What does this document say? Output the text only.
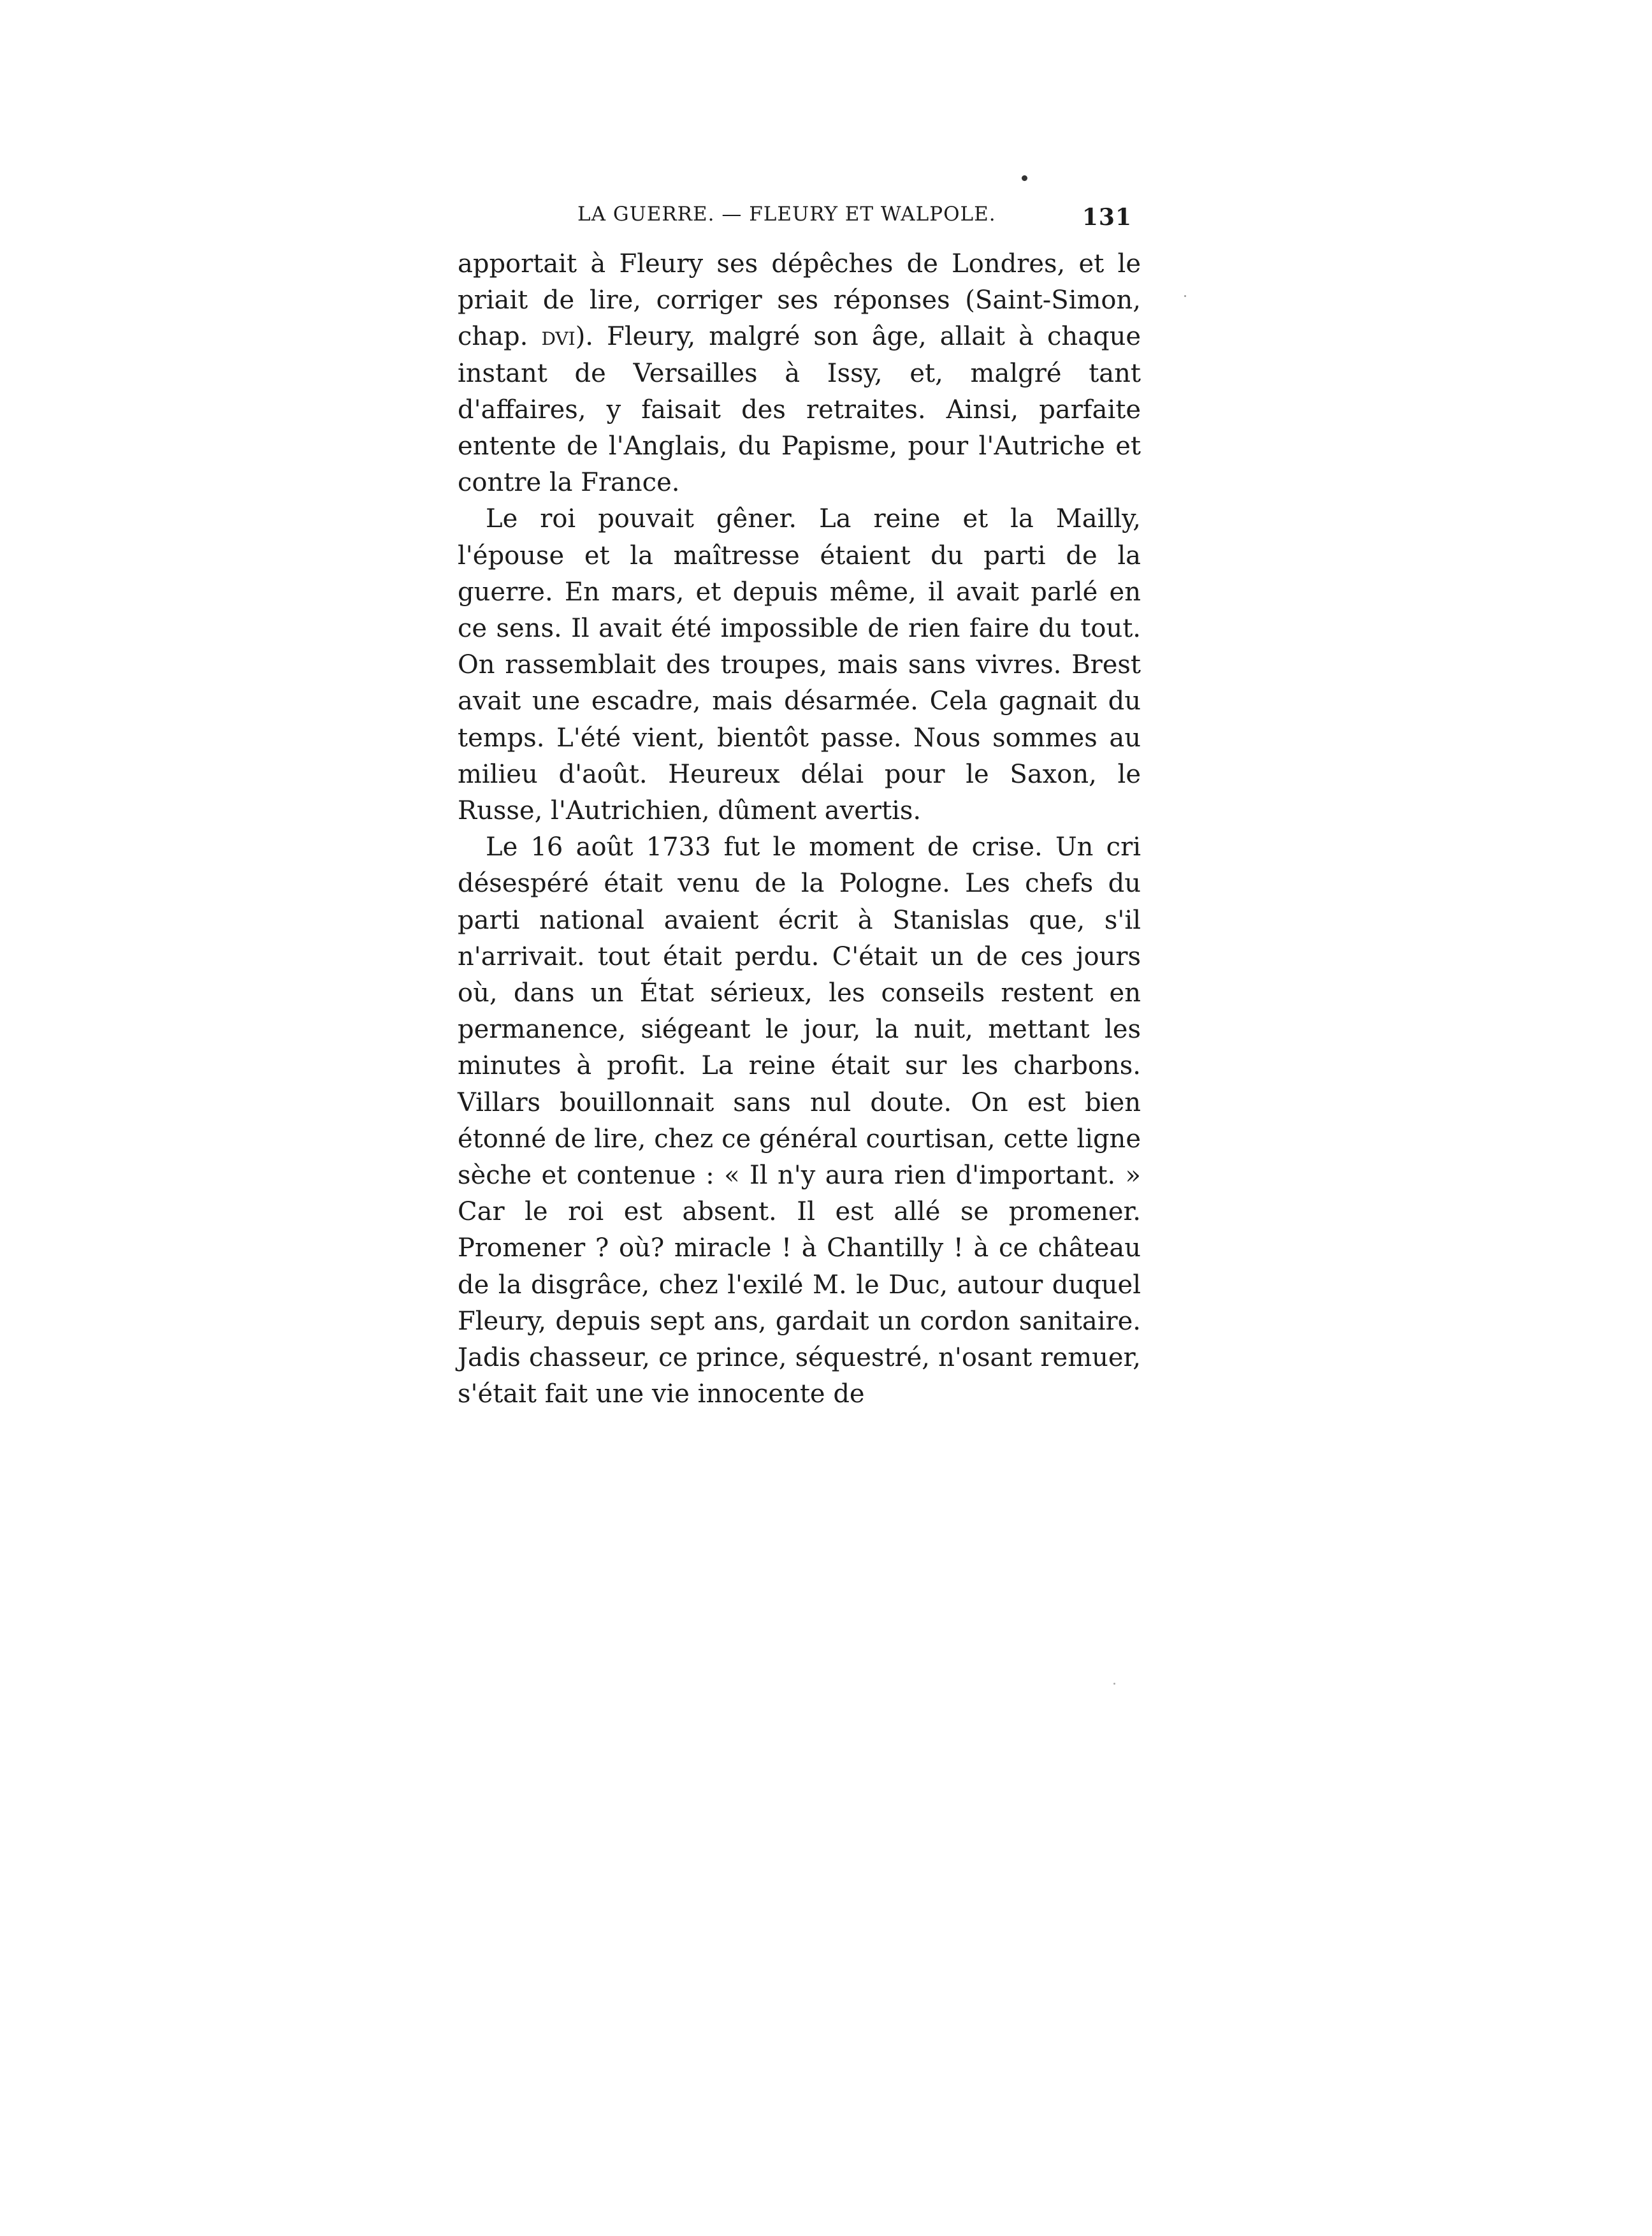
LA GUERRE. — FLEURY ET WALPOLE.	131

apportait à Fleury ses dépêches de Londres, et le priait de lire, corriger ses réponses (Saint-Simon, chap. dvi). Fleury, malgré son âge, allait à chaque instant de Versailles à Issy, et, malgré tant d'affaires, y faisait des retraites. Ainsi, parfaite entente de l'Anglais, du Papisme, pour l'Autriche et contre la France.

Le roi pouvait gêner. La reine et la Mailly, l'épouse et la maîtresse étaient du parti de la guerre. En mars, et depuis même, il avait parlé en ce sens. Il avait été impossible de rien faire du tout. On rassemblait des troupes, mais sans vivres. Brest avait une escadre, mais désarmée. Cela gagnait du temps. L'été vient, bientôt passe. Nous sommes au milieu d'août. Heureux délai pour le Saxon, le Russe, l'Autrichien, dûment avertis.

Le 16 août 1733 fut le moment de crise. Un cri désespéré était venu de la Pologne. Les chefs du parti national avaient écrit à Stanislas que, s'il n'arrivait. tout était perdu. C'était un de ces jours où, dans un État sérieux, les conseils restent en permanence, siégeant le jour, la nuit, mettant les minutes à profit. La reine était sur les charbons. Villars bouillonnait sans nul doute. On est bien étonné de lire, chez ce général courtisan, cette ligne sèche et contenue : « Il n'y aura rien d'important. » Car le roi est absent. Il est allé se promener. Promener ? où? miracle ! à Chantilly ! à ce château de la disgrâce, chez l'exilé M. le Duc, autour duquel Fleury, depuis sept ans, gardait un cordon sanitaire. Jadis chasseur, ce prince, séquestré, n'osant remuer, s'était fait une vie innocente de
